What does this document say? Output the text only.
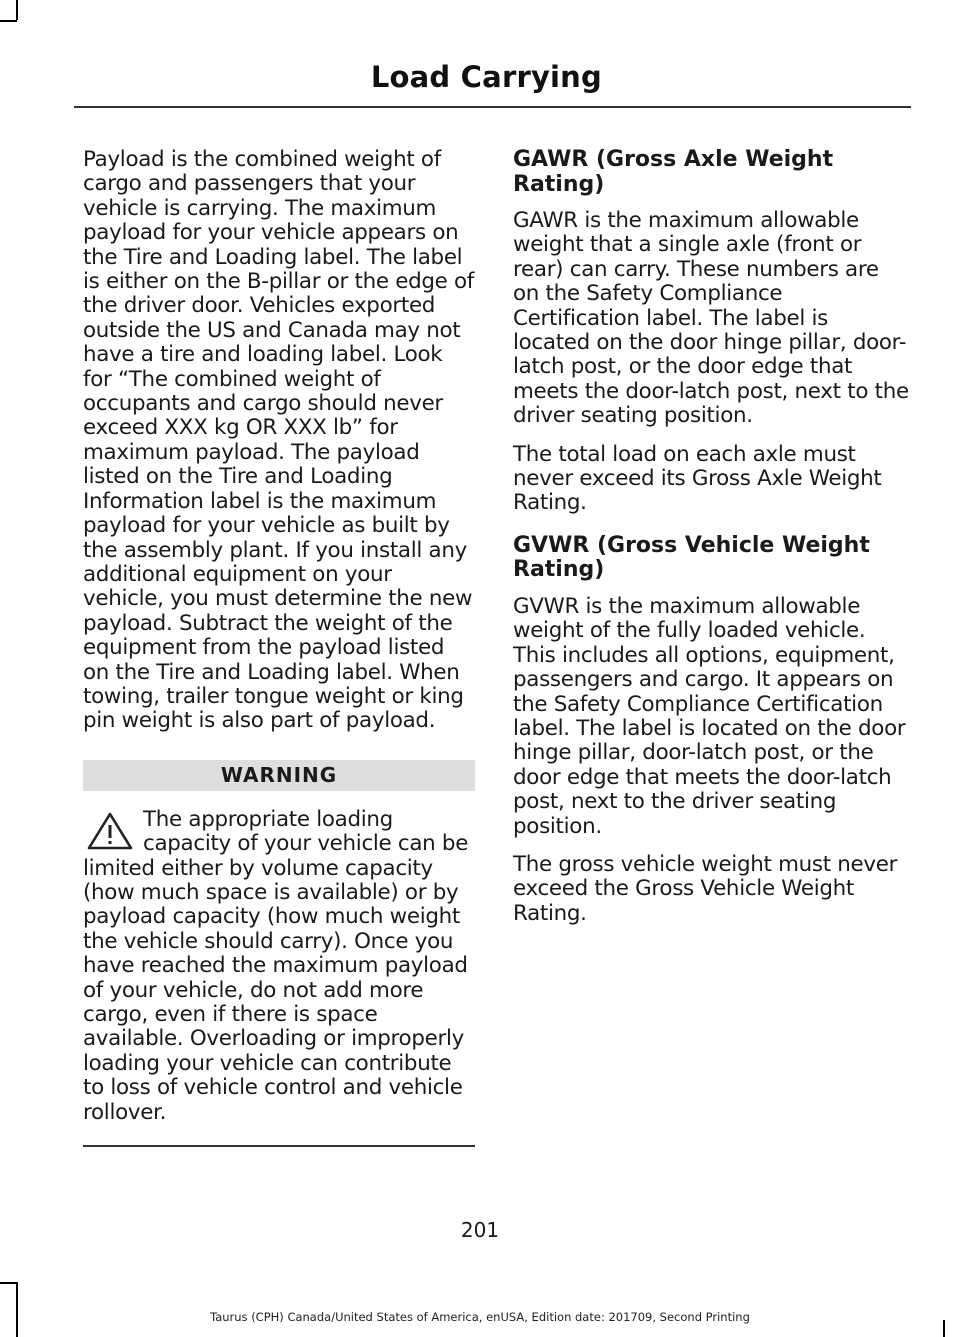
Load Carrying

Payload is the combined weight of cargo and passengers that your vehicle is carrying. The maximum payload for your vehicle appears on the Tire and Loading label. The label is either on the B-pillar or the edge of the driver door. Vehicles exported outside the US and Canada may not have a tire and loading label. Look for “The combined weight of occupants and cargo should never exceed XXX kg OR XXX lb” for maximum payload. The payload listed on the Tire and Loading Information label is the maximum payload for your vehicle as built by the assembly plant. If you install any additional equipment on your vehicle, you must determine the new payload. Subtract the weight of the equipment from the payload listed on the Tire and Loading label. When towing, trailer tongue weight or king pin weight is also part of payload.

WARNING
The appropriate loading capacity of your vehicle can be limited either by volume capacity (how much space is available) or by payload capacity (how much weight the vehicle should carry). Once you have reached the maximum payload of your vehicle, do not add more cargo, even if there is space available. Overloading or improperly loading your vehicle can contribute to loss of vehicle control and vehicle rollover.
GAWR (Gross Axle Weight Rating)

GAWR is the maximum allowable weight that a single axle (front or rear) can carry. These numbers are on the Safety Compliance Certification label. The label is located on the door hinge pillar, door-latch post, or the door edge that meets the door-latch post, next to the driver seating position.

The total load on each axle must never exceed its Gross Axle Weight Rating.

GVWR (Gross Vehicle Weight Rating)

GVWR is the maximum allowable weight of the fully loaded vehicle. This includes all options, equipment, passengers and cargo. It appears on the Safety Compliance Certification label. The label is located on the door hinge pillar, door-latch post, or the door edge that meets the door-latch post, next to the driver seating position.

The gross vehicle weight must never exceed the Gross Vehicle Weight Rating.

201
Taurus (CPH) Canada/United States of America, enUSA, Edition date: 201709, Second Printing
